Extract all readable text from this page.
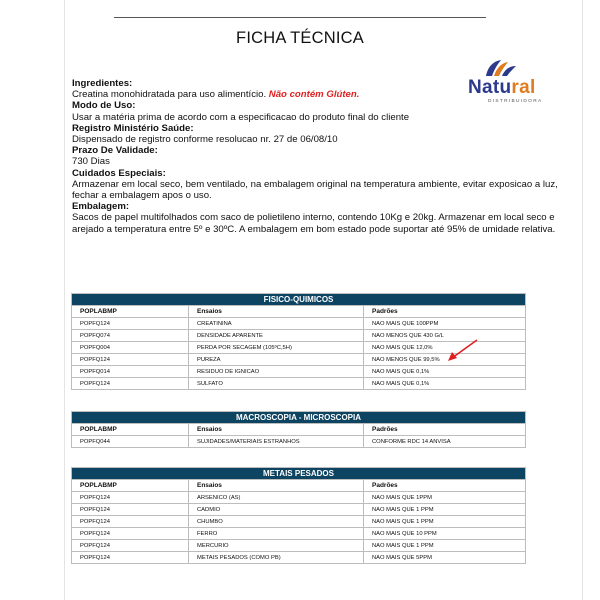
FICHA TÉCNICA
Natural
DISTRIBUIDORA

Ingredientes:

Creatina monohidratada para uso alimentício. Não contém Glúten.

Modo de Uso:

Usar a matéria prima de acordo com a especificacao do produto final do cliente

Registro Ministério Saúde:

Dispensado de registro conforme resolucao nr. 27 de 06/08/10

Prazo De Validade:

730 Dias

Cuidados Especiais:

Armazenar em local seco, bem ventilado, na embalagem original na temperatura ambiente, evitar exposicao a luz, fechar a embalagem apos o uso.

Embalagem:

Sacos de papel multifolhados com saco de polietileno interno, contendo 10Kg e 20kg. Armazenar em local seco e arejado a temperatura entre 5º e 30ºC. A embalagem em bom estado pode suportar até 95% de umidade relativa.

FISICO-QUIMICOS		
POPLABMP	Ensaios	Padrões
POPFQ124	CREATININA	NAO MAIS QUE 100PPM
POPFQ074	DENSIDADE APARENTE	NAO MENOS QUE 430 G/L
POPFQ004	PERDA POR SECAGEM (105ºC,5H)	NAO MAIS QUE 12,0%
POPFQ124	PUREZA	NAO MENOS QUE 99,5%
POPFQ014	RESIDUO DE IGNICAO	NAO MAIS QUE 0,1%
POPFQ124	SULFATO	NAO MAIS QUE 0,1%
MACROSCOPIA - MICROSCOPIA		
POPLABMP	Ensaios	Padrões
POPFQ044	SUJIDADES/MATERIAIS ESTRANHOS	CONFORME RDC 14 ANVISA
METAIS PESADOS		
POPLABMP	Ensaios	Padrões
POPFQ124	ARSENICO (AS)	NAO MAIS QUE 1PPM
POPFQ124	CADMIO	NAO MAIS QUE 1 PPM
POPFQ124	CHUMBO	NAO MAIS QUE 1 PPM
POPFQ124	FERRO	NAO MAIS QUE 10 PPM
POPFQ124	MERCURIO	NAO MAIS QUE 1 PPM
POPFQ124	METAIS PESADOS (COMO PB)	NAO MAIS QUE 5PPM
